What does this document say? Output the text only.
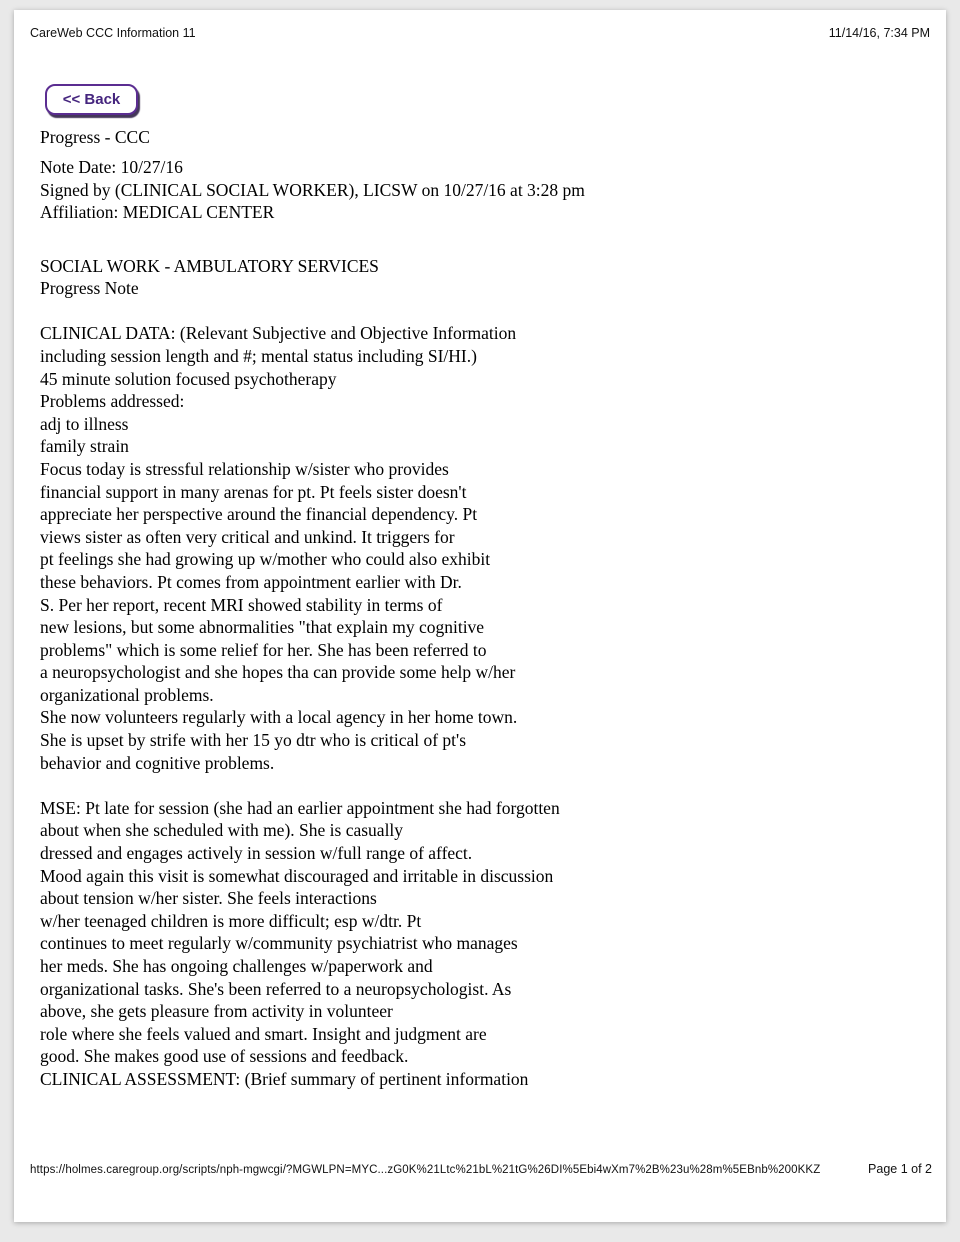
CareWeb CCC Information 11	11/14/16, 7:34 PM
<< Back
Progress - CCC
Note Date: 10/27/16
Signed by (CLINICAL SOCIAL WORKER), LICSW on 10/27/16 at 3:28 pm
Affiliation: MEDICAL CENTER

SOCIAL WORK - AMBULATORY SERVICES
Progress Note

CLINICAL DATA: (Relevant Subjective and Objective Information
including session length and #; mental status including SI/HI.)
45 minute solution focused psychotherapy
Problems addressed:
adj to illness
family strain
Focus today is stressful relationship w/sister who provides
financial support in many arenas for pt. Pt feels sister doesn't
appreciate her perspective around the financial dependency. Pt
views sister as often very critical and unkind. It triggers for
pt feelings she had growing up w/mother who could also exhibit
these behaviors. Pt comes from appointment earlier with Dr.
S. Per her report, recent MRI showed stability in terms of
new lesions, but some abnormalities "that explain my cognitive
problems" which is some relief for her. She has been referred to
a neuropsychologist and she hopes tha can provide some help w/her
organizational problems.
She now volunteers regularly with a local agency in her home town.
She is upset by strife with her 15 yo dtr who is critical of pt's
behavior and cognitive problems.

MSE: Pt late for session (she had an earlier appointment she had forgotten
about when she scheduled with me). She is casually
dressed and engages actively in session w/full range of affect.
Mood again this visit is somewhat discouraged and irritable in discussion
about tension w/her sister. She feels interactions
w/her teenaged children is more difficult; esp w/dtr. Pt
continues to meet regularly w/community psychiatrist who manages
her meds. She has ongoing challenges w/paperwork and
organizational tasks. She's been referred to a neuropsychologist. As
above, she gets pleasure from activity in volunteer
role where she feels valued and smart. Insight and judgment are
good. She makes good use of sessions and feedback.
CLINICAL ASSESSMENT: (Brief summary of pertinent information
https://holmes.caregroup.org/scripts/nph-mgwcgi/?MGWLPN=MYC...zG0K%21Ltc%21bL%21tG%26DI%5Ebi4wXm7%2B%23u%28m%5EBnb%200KKZ	Page 1 of 2
